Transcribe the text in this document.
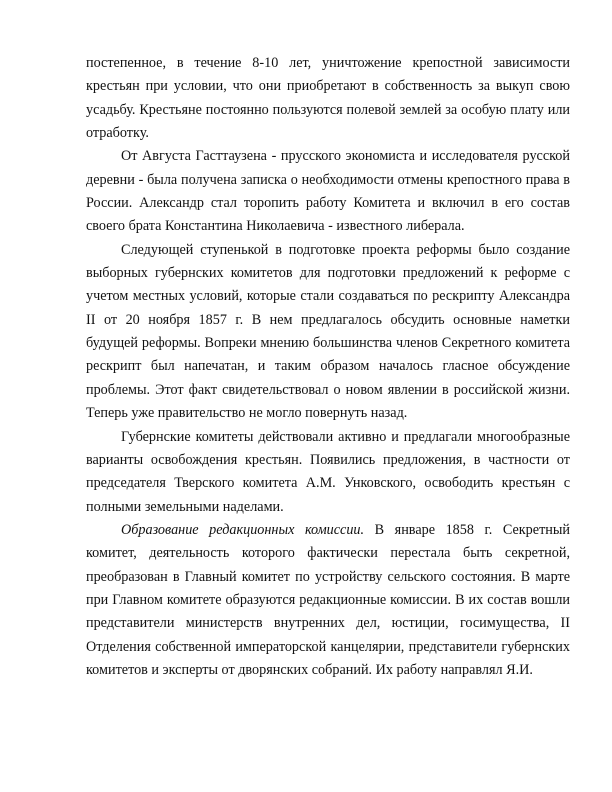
постепенное, в течение 8-10 лет, уничтожение крепостной зависимости крестьян при условии, что они приобретают в собственность за выкуп свою усадьбу. Крестьяне постоянно пользуются полевой землей за особую плату или отработку.

От Августа Гасттаузена - прусского экономиста и исследователя русской деревни - была получена записка о необходимости отмены крепостного права в России. Александр стал торопить работу Комитета и включил в его состав своего брата Константина Николаевича - известного либерала.

Следующей ступенькой в подготовке проекта реформы было создание выборных губернских комитетов для подготовки предложений к реформе с учетом местных условий, которые стали создаваться по рескрипту Александра II от 20 ноября 1857 г. В нем предлагалось обсудить основные наметки будущей реформы. Вопреки мнению большинства членов Секретного комитета рескрипт был напечатан, и таким образом началось гласное обсуждение проблемы. Этот факт свидетельствовал о новом явлении в российской жизни. Теперь уже правительство не могло повернуть назад.

Губернские комитеты действовали активно и предлагали многообразные варианты освобождения крестьян. Появились предложения, в частности от председателя Тверского комитета А.М. Унковского, освободить крестьян с полными земельными наделами.

Образование редакционных комиссии. В январе 1858 г. Секретный комитет, деятельность которого фактически перестала быть секретной, преобразован в Главный комитет по устройству сельского состояния. В марте при Главном комитете образуются редакционные комиссии. В их состав вошли представители министерств внутренних дел, юстиции, госимущества, II Отделения собственной императорской канцелярии, представители губернских комитетов и эксперты от дворянских собраний. Их работу направлял Я.И.
